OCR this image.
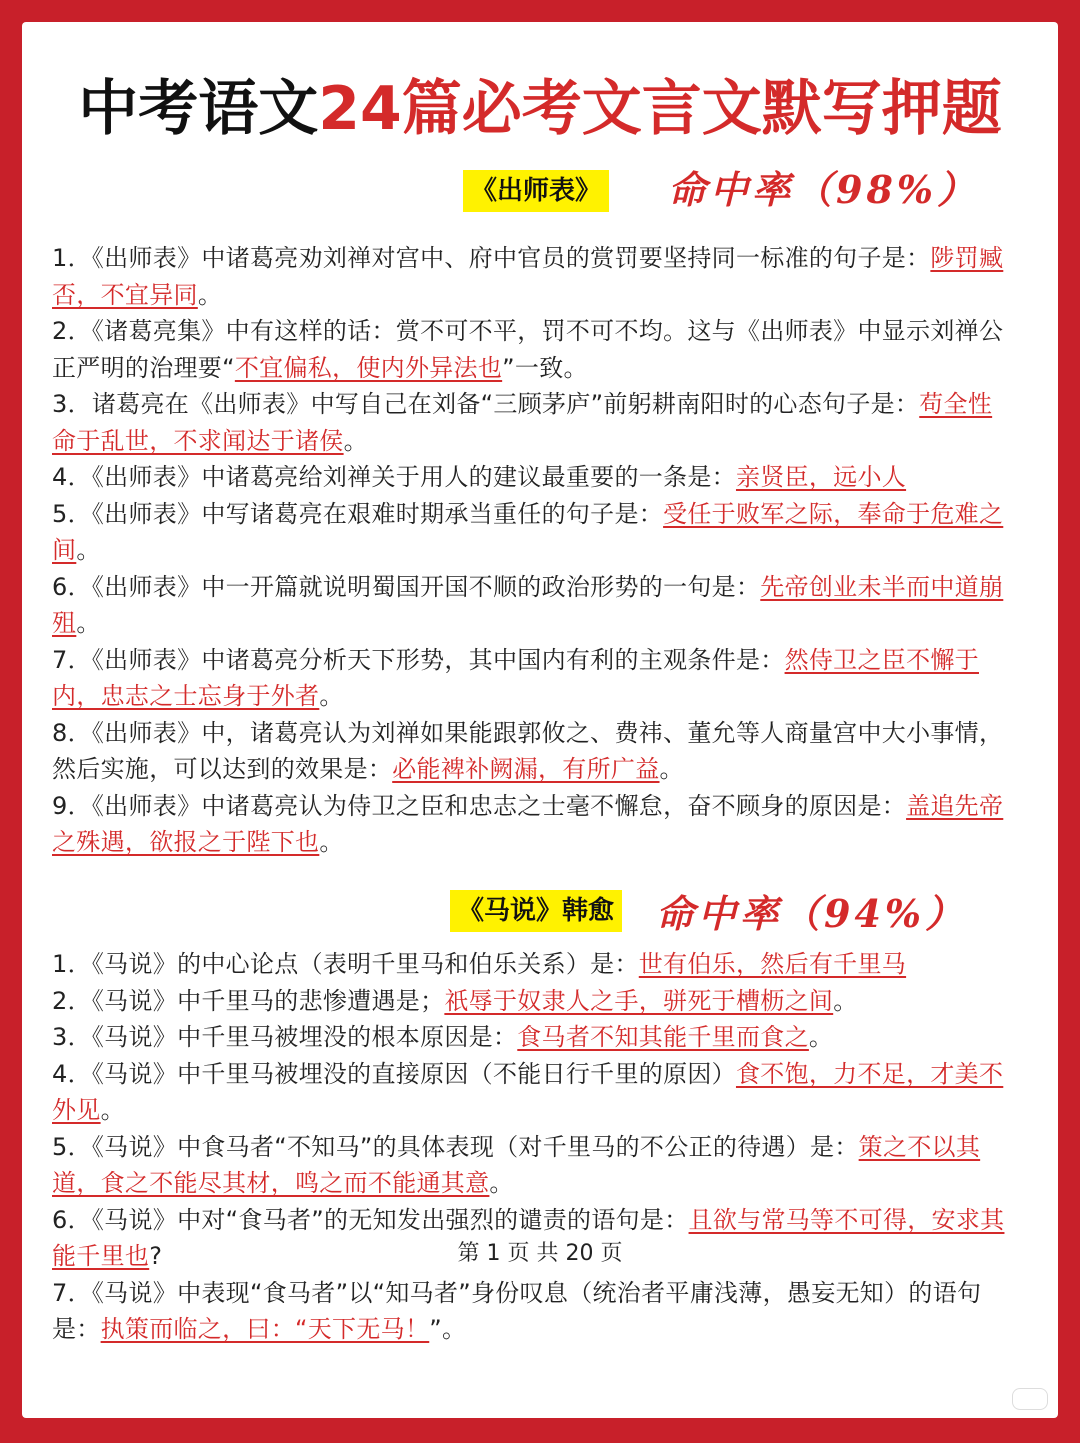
中考语文24篇必考文言文默写押题
《出师表》 命中率（98%）

1．《出师表》中诸葛亮劝刘禅对宫中、府中官员的赏罚要坚持同一标准的句子是：陟罚臧否，不宜异同。

2．《诸葛亮集》中有这样的话：赏不可不平，罚不可不均。这与《出师表》中显示刘禅公正严明的治理要“不宜偏私，使内外异法也”一致。

3．诸葛亮在《出师表》中写自己在刘备“三顾茅庐”前躬耕南阳时的心态句子是：苟全性命于乱世，不求闻达于诸侯。

4．《出师表》中诸葛亮给刘禅关于用人的建议最重要的一条是：亲贤臣，远小人

5．《出师表》中写诸葛亮在艰难时期承当重任的句子是：受任于败军之际，奉命于危难之间。

6．《出师表》中一开篇就说明蜀国开国不顺的政治形势的一句是：先帝创业未半而中道崩殂。

7．《出师表》中诸葛亮分析天下形势，其中国内有利的主观条件是：然侍卫之臣不懈于内，忠志之士忘身于外者。

8．《出师表》中，诸葛亮认为刘禅如果能跟郭攸之、费祎、董允等人商量宫中大小事情，然后实施，可以达到的效果是：必能裨补阙漏，有所广益。

9．《出师表》中诸葛亮认为侍卫之臣和忠志之士毫不懈怠，奋不顾身的原因是：盖追先帝之殊遇，欲报之于陛下也。

《马说》韩愈 命中率（94%）

1．《马说》的中心论点（表明千里马和伯乐关系）是：世有伯乐，然后有千里马

2．《马说》中千里马的悲惨遭遇是；祇辱于奴隶人之手，骈死于槽枥之间。

3．《马说》中千里马被埋没的根本原因是：食马者不知其能千里而食之。

4．《马说》中千里马被埋没的直接原因（不能日行千里的原因）食不饱，力不足，才美不外见。

5．《马说》中食马者“不知马”的具体表现（对千里马的不公正的待遇）是：策之不以其道，食之不能尽其材，鸣之而不能通其意。

6．《马说》中对“食马者”的无知发出强烈的谴责的语句是：且欲与常马等不可得，安求其能千里也?

7．《马说》中表现“食马者”以“知马者”身份叹息（统治者平庸浅薄，愚妄无知）的语句是：执策而临之，曰：“天下无马！”。

第 1 页 共 20 页
